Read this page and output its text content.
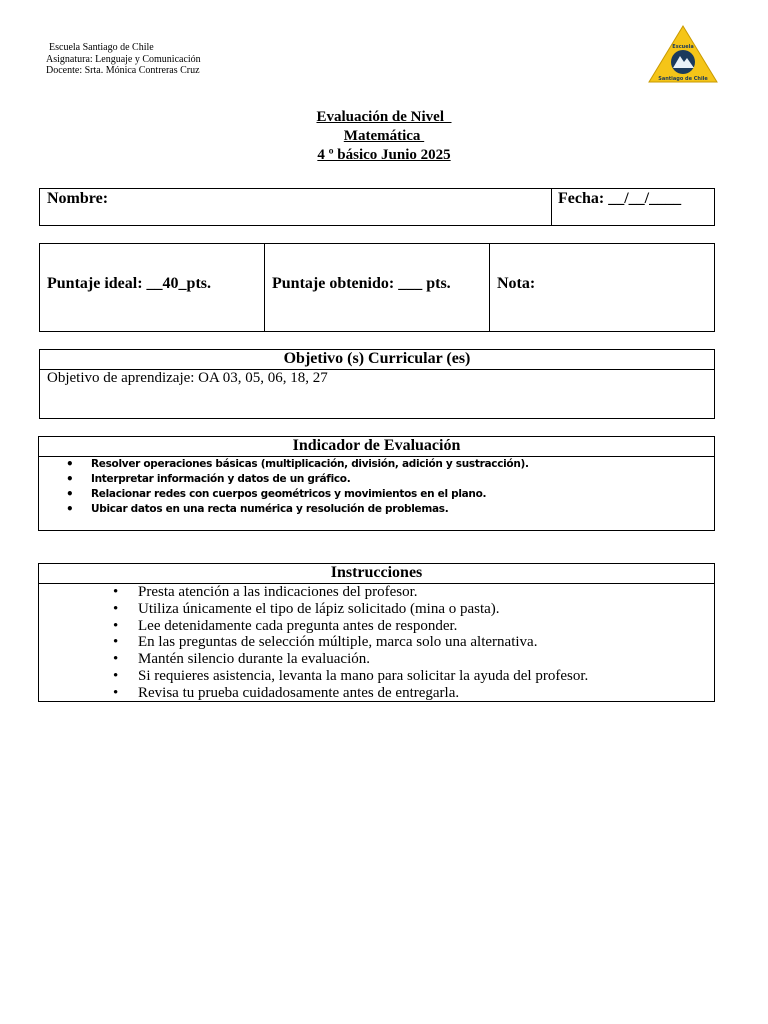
Escuela Santiago de Chile
Asignatura: Lenguaje y Comunicación
Docente: Srta. Mónica Contreras Cruz
Escuela
Santiago de Chile
Evaluación de Nivel
Matemática
4 º básico Junio 2025
Nombre:	Fecha: __/__/____
Puntaje ideal: __40_pts.	Puntaje obtenido: ___ pts.	Nota:
Objetivo (s) Curricular (es)
Objetivo de aprendizaje: OA 03, 05, 06, 18, 27
Indicador de Evaluación
• Resolver operaciones básicas (multiplicación, división, adición y sustracción).
• Interpretar información y datos de un gráfico.
• Relacionar redes con cuerpos geométricos y movimientos en el plano.
• Ubicar datos en una recta numérica y resolución de problemas.
Instrucciones
• Presta atención a las indicaciones del profesor.
• Utiliza únicamente el tipo de lápiz solicitado (mina o pasta).
• Lee detenidamente cada pregunta antes de responder.
• En las preguntas de selección múltiple, marca solo una alternativa.
• Mantén silencio durante la evaluación.
• Si requieres asistencia, levanta la mano para solicitar la ayuda del profesor.
• Revisa tu prueba cuidadosamente antes de entregarla.
